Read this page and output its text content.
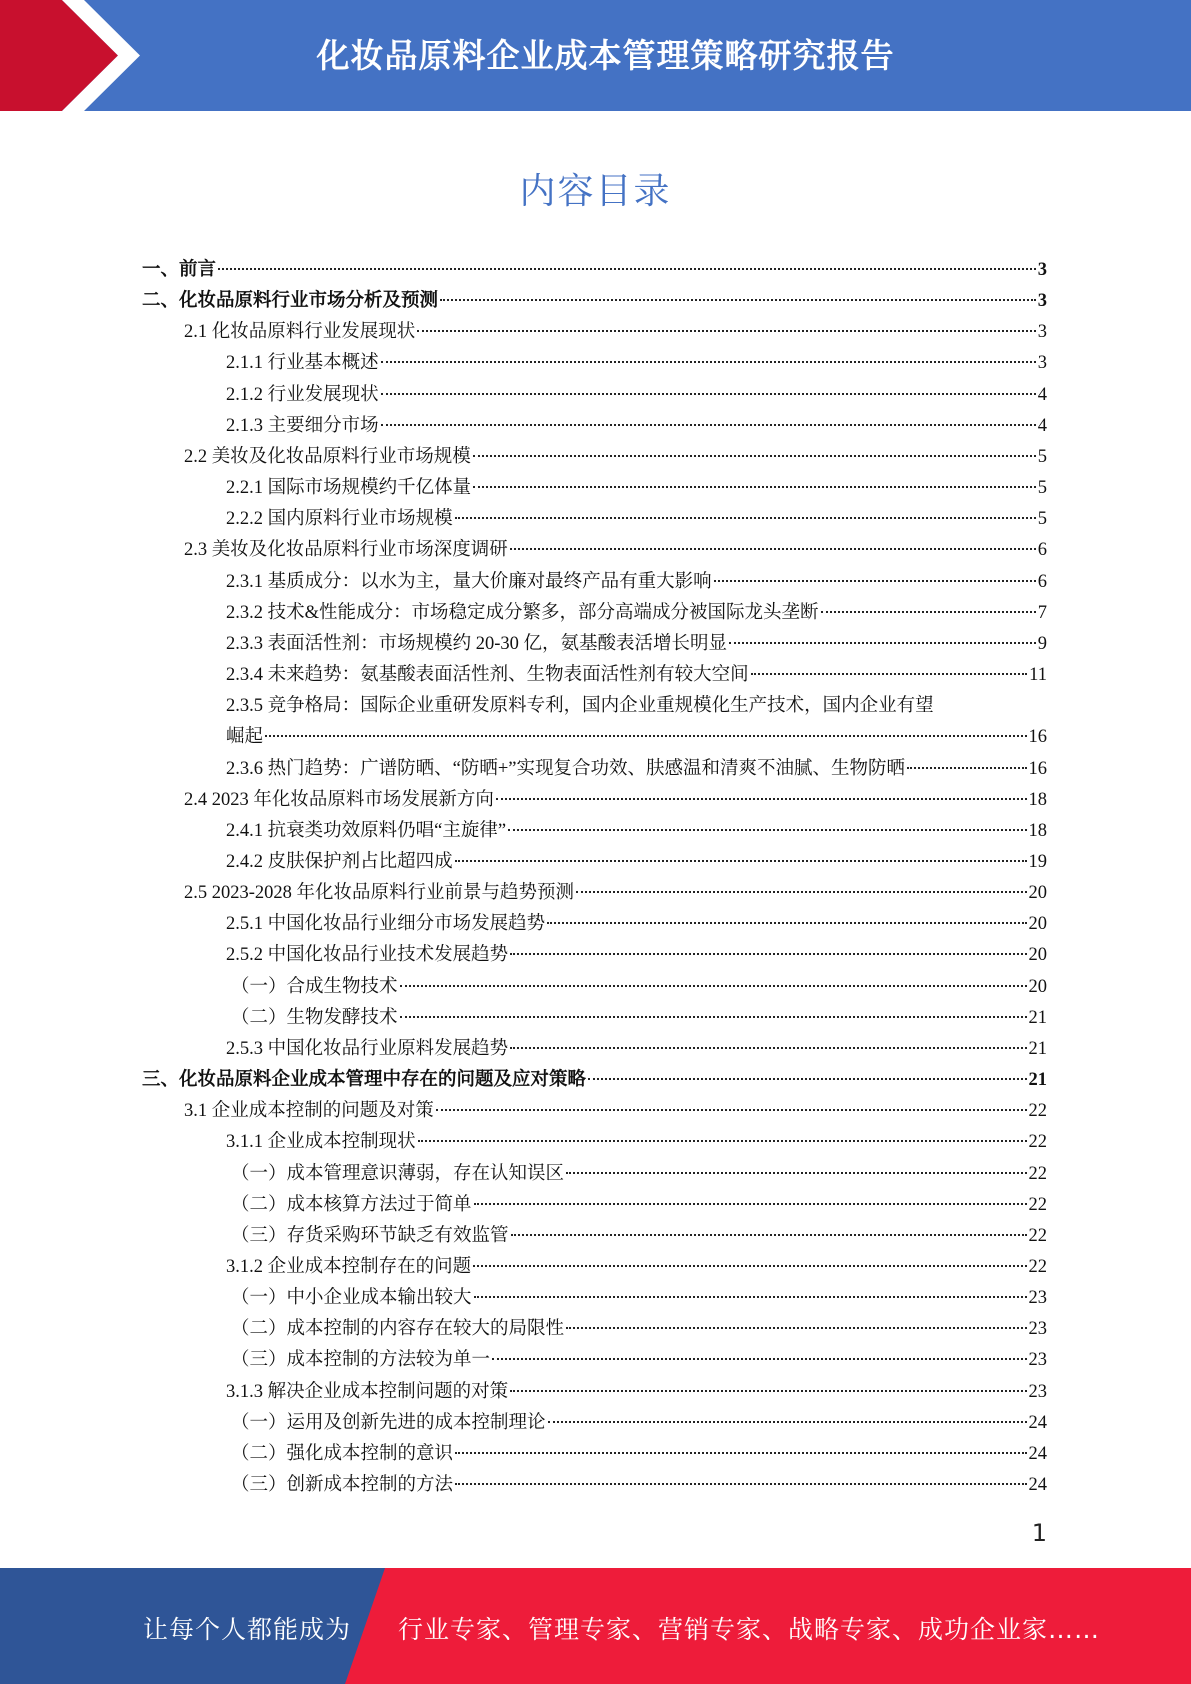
化妆品原料企业成本管理策略研究报告
内容目录
一、前言	3
二、化妆品原料行业市场分析及预测	3
2.1 化妆品原料行业发展现状	3
2.1.1 行业基本概述	3
2.1.2 行业发展现状	4
2.1.3 主要细分市场	4
2.2 美妆及化妆品原料行业市场规模	5
2.2.1 国际市场规模约千亿体量	5
2.2.2 国内原料行业市场规模	5
2.3 美妆及化妆品原料行业市场深度调研	6
2.3.1 基质成分：以水为主，量大价廉对最终产品有重大影响	6
2.3.2 技术&性能成分：市场稳定成分繁多，部分高端成分被国际龙头垄断	7
2.3.3 表面活性剂：市场规模约 20-30 亿，氨基酸表活增长明显	9
2.3.4 未来趋势：氨基酸表面活性剂、生物表面活性剂有较大空间	11
2.3.5 竞争格局：国际企业重研发原料专利，国内企业重规模化生产技术，国内企业有望
崛起	16
2.3.6 热门趋势：广谱防晒、“防晒+”实现复合功效、肤感温和清爽不油腻、生物防晒	16
2.4 2023 年化妆品原料市场发展新方向	18
2.4.1 抗衰类功效原料仍唱“主旋律”	18
2.4.2 皮肤保护剂占比超四成	19
2.5 2023-2028 年化妆品原料行业前景与趋势预测	20
2.5.1 中国化妆品行业细分市场发展趋势	20
2.5.2 中国化妆品行业技术发展趋势	20
（一）合成生物技术	20
（二）生物发酵技术	21
2.5.3 中国化妆品行业原料发展趋势	21
三、化妆品原料企业成本管理中存在的问题及应对策略	21
3.1 企业成本控制的问题及对策	22
3.1.1 企业成本控制现状	22
（一）成本管理意识薄弱，存在认知误区	22
（二）成本核算方法过于简单	22
（三）存货采购环节缺乏有效监管	22
3.1.2 企业成本控制存在的问题	22
（一）中小企业成本输出较大	23
（二）成本控制的内容存在较大的局限性	23
（三）成本控制的方法较为单一	23
3.1.3 解决企业成本控制问题的对策	23
（一）运用及创新先进的成本控制理论	24
（二）强化成本控制的意识	24
（三）创新成本控制的方法	24
1
让每个人都能成为 行业专家、管理专家、营销专家、战略专家、成功企业家……
